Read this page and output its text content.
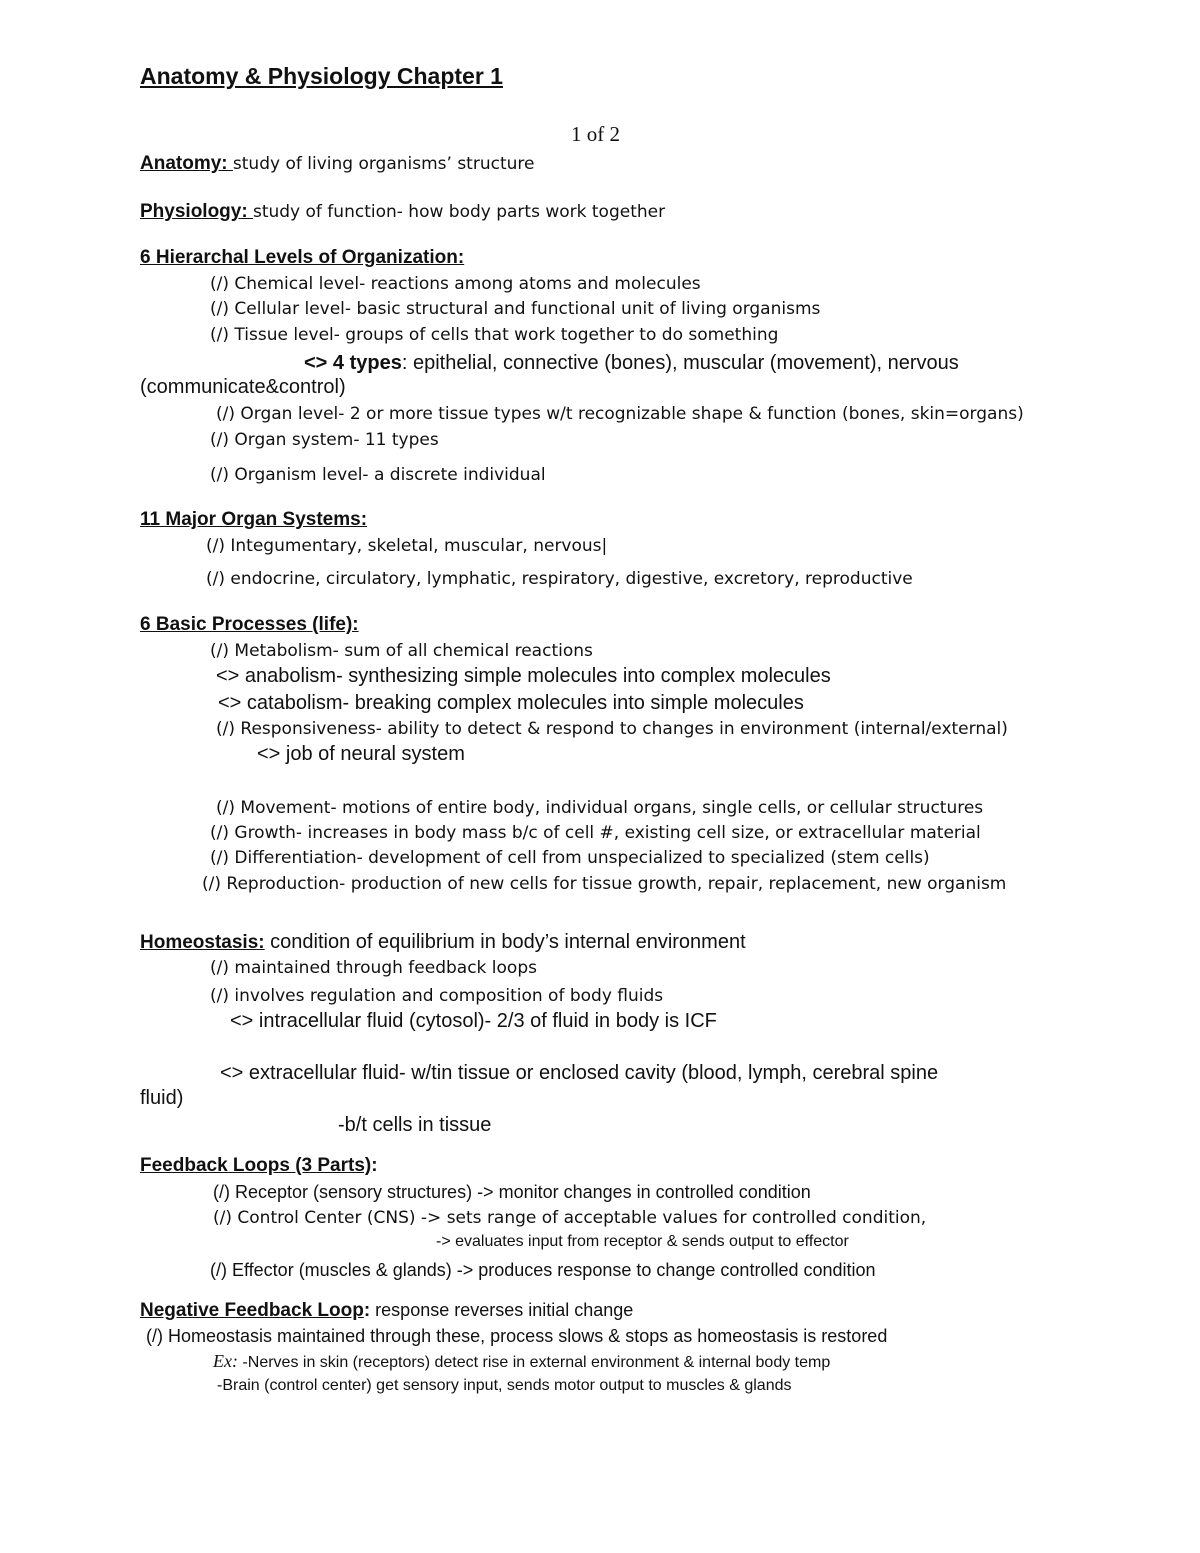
Anatomy & Physiology Chapter 1
1 of 2
Anatomy: study of living organisms’ structure
Physiology: study of function- how body parts work together
6 Hierarchal Levels of Organization:
(/) Chemical level- reactions among atoms and molecules
(/) Cellular level- basic structural and functional unit of living organisms
(/) Tissue level- groups of cells that work together to do something
<> 4 types: epithelial, connective (bones), muscular (movement), nervous
(communicate&control)
(/) Organ level- 2 or more tissue types w/t recognizable shape & function (bones, skin=organs)
(/) Organ system- 11 types
(/) Organism level- a discrete individual
11 Major Organ Systems:
(/) Integumentary, skeletal, muscular, nervous|
(/) endocrine, circulatory, lymphatic, respiratory, digestive, excretory, reproductive
6 Basic Processes (life):
(/) Metabolism- sum of all chemical reactions
<> anabolism- synthesizing simple molecules into complex molecules
<> catabolism- breaking complex molecules into simple molecules
(/) Responsiveness- ability to detect & respond to changes in environment (internal/external)
<> job of neural system
(/) Movement- motions of entire body, individual organs, single cells, or cellular structures
(/) Growth- increases in body mass b/c of cell #, existing cell size, or extracellular material
(/) Differentiation- development of cell from unspecialized to specialized (stem cells)
(/) Reproduction- production of new cells for tissue growth, repair, replacement, new organism
Homeostasis: condition of equilibrium in body’s internal environment
(/) maintained through feedback loops
(/) involves regulation and composition of body fluids
<> intracellular fluid (cytosol)- 2/3 of fluid in body is ICF
<> extracellular fluid- w/tin tissue or enclosed cavity (blood, lymph, cerebral spine
fluid)
-b/t cells in tissue
Feedback Loops (3 Parts):
(/) Receptor (sensory structures) -> monitor changes in controlled condition
(/) Control Center (CNS) -> sets range of acceptable values for controlled condition,
-> evaluates input from receptor & sends output to effector
(/) Effector (muscles & glands) -> produces response to change controlled condition
Negative Feedback Loop: response reverses initial change
(/) Homeostasis maintained through these, process slows & stops as homeostasis is restored
Ex: -Nerves in skin (receptors) detect rise in external environment & internal body temp
-Brain (control center) get sensory input, sends motor output to muscles & glands
